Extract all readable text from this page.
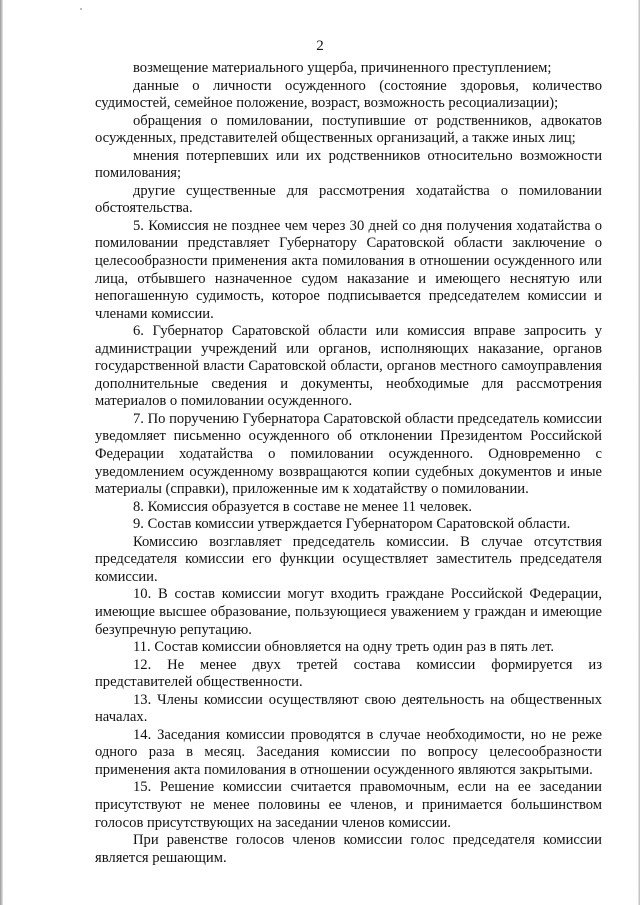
2

возмещение материального ущерба, причиненного преступлением;

данные о личности осужденного (состояние здоровья, количество судимостей, семейное положение, возраст, возможность ресоциализации);

обращения о помиловании, поступившие от родственников, адвокатов осужденных, представителей общественных организаций, а также иных лиц;

мнения потерпевших или их родственников относительно возможности помилования;

другие существенные для рассмотрения ходатайства о помиловании обстоятельства.

5. Комиссия не позднее чем через 30 дней со дня получения ходатайства о помиловании представляет Губернатору Саратовской области заключение о целесообразности применения акта помилования в отношении осужденного или лица, отбывшего назначенное судом наказание и имеющего неснятую или непогашенную судимость, которое подписывается председателем комиссии и членами комиссии.

6. Губернатор Саратовской области или комиссия вправе запросить у администрации учреждений или органов, исполняющих наказание, органов государственной власти Саратовской области, органов местного самоуправления дополнительные сведения и документы, необходимые для рассмотрения материалов о помиловании осужденного.

7. По поручению Губернатора Саратовской области председатель комиссии уведомляет письменно осужденного об отклонении Президентом Российской Федерации ходатайства о помиловании осужденного. Одновременно с уведомлением осужденному возвращаются копии судебных документов и иные материалы (справки), приложенные им к ходатайству о помиловании.

8. Комиссия образуется в составе не менее 11 человек.

9. Состав комиссии утверждается Губернатором Саратовской области.

Комиссию возглавляет председатель комиссии. В случае отсутствия председателя комиссии его функции осуществляет заместитель председателя комиссии.

10. В состав комиссии могут входить граждане Российской Федерации, имеющие высшее образование, пользующиеся уважением у граждан и имеющие безупречную репутацию.

11. Состав комиссии обновляется на одну треть один раз в пять лет.

12. Не менее двух третей состава комиссии формируется из представителей общественности.

13. Члены комиссии осуществляют свою деятельность на общественных началах.

14. Заседания комиссии проводятся в случае необходимости, но не реже одного раза в месяц. Заседания комиссии по вопросу целесообразности применения акта помилования в отношении осужденного являются закрытыми.

15. Решение комиссии считается правомочным, если на ее заседании присутствуют не менее половины ее членов, и принимается большинством голосов присутствующих на заседании членов комиссии.

При равенстве голосов членов комиссии голос председателя комиссии является решающим.
